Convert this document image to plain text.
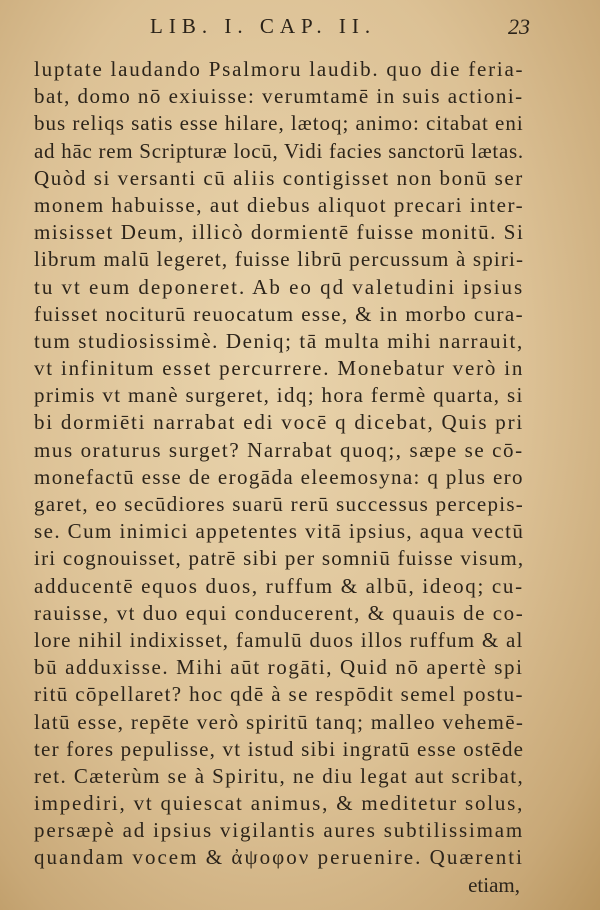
LIB. I. CAP. II.	23
luptate laudando Psalmoru laudib. quo die feria-
bat, domo nō exiuisse: verumtamē in suis actioni-
bus reliqs satis esse hilare, lætoq; animo: citabat eni
ad hāc rem Scripturæ locū, Vidi facies sanctorū lætas.
Quòd si versanti cū aliis contigisset non bonū ser
monem habuisse, aut diebus aliquot precari inter-
misisset Deum, illicò dormientē fuisse monitū. Si
librum malū legeret, fuisse librū percussum à spiri-
tu vt eum deponeret. Ab eo qd valetudini ipsius
fuisset nociturū reuocatum esse, & in morbo cura-
tum studiosissimè. Deniq; tā multa mihi narrauit,
vt infinitum esset percurrere. Monebatur verò in
primis vt manè surgeret, idq; hora fermè quarta, si
bi dormiēti narrabat edi vocē q dicebat, Quis pri
mus oraturus surget? Narrabat quoq;, sæpe se cō-
monefactū esse de erogāda eleemosyna: q plus ero
garet, eo secūdiores suarū rerū successus percepis-
se. Cum inimici appetentes vitā ipsius, aqua vectū
iri cognouisset, patrē sibi per somniū fuisse visum,
adducentē equos duos, ruffum & albū, ideoq; cu-
rauisse, vt duo equi conducerent, & quauis de co-
lore nihil indixisset, famulū duos illos ruffum & al
bū adduxisse. Mihi aūt rogāti, Quid nō apertè spi
ritū cōpellaret? hoc qdē à se respōdit semel postu-
latū esse, repēte verò spiritū tanq; malleo vehemē-
ter fores pepulisse, vt istud sibi ingratū esse ostēde
ret. Cæterùm se à Spiritu, ne diu legat aut scribat,
impediri, vt quiescat animus, & meditetur solus,
persæpè ad ipsius vigilantis aures subtilissimam
quandam vocem & ἀψοφον peruenire. Quærenti
etiam,
